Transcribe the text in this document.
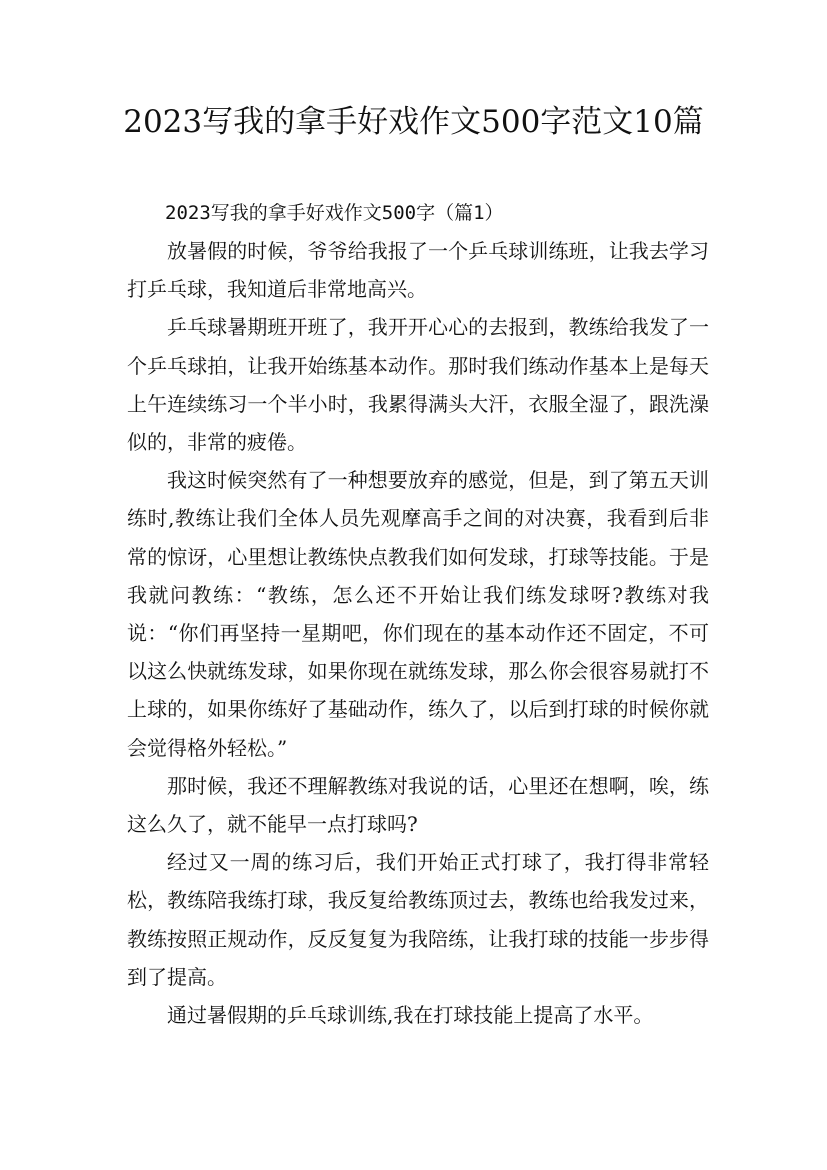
2023写我的拿手好戏作文500字范文10篇

2023写我的拿手好戏作文500字（篇1）

放暑假的时候，爷爷给我报了一个乒乓球训练班，让我去学习打乒乓球，我知道后非常地高兴。

乒乓球暑期班开班了，我开开心心的去报到，教练给我发了一个乒乓球拍，让我开始练基本动作。那时我们练动作基本上是每天上午连续练习一个半小时，我累得满头大汗，衣服全湿了，跟洗澡似的，非常的疲倦。

我这时候突然有了一种想要放弃的感觉，但是，到了第五天训练时,教练让我们全体人员先观摩高手之间的对决赛，我看到后非常的惊讶，心里想让教练快点教我们如何发球，打球等技能。于是我就问教练：“教练，怎么还不开始让我们练发球呀?教练对我说：“你们再坚持一星期吧，你们现在的基本动作还不固定，不可以这么快就练发球，如果你现在就练发球，那么你会很容易就打不上球的，如果你练好了基础动作，练久了，以后到打球的时候你就会觉得格外轻松。”

那时候，我还不理解教练对我说的话，心里还在想啊，唉，练这么久了，就不能早一点打球吗?

经过又一周的练习后，我们开始正式打球了，我打得非常轻松，教练陪我练打球，我反复给教练顶过去，教练也给我发过来，教练按照正规动作，反反复复为我陪练，让我打球的技能一步步得到了提高。

通过暑假期的乒乓球训练,我在打球技能上提高了水平。
